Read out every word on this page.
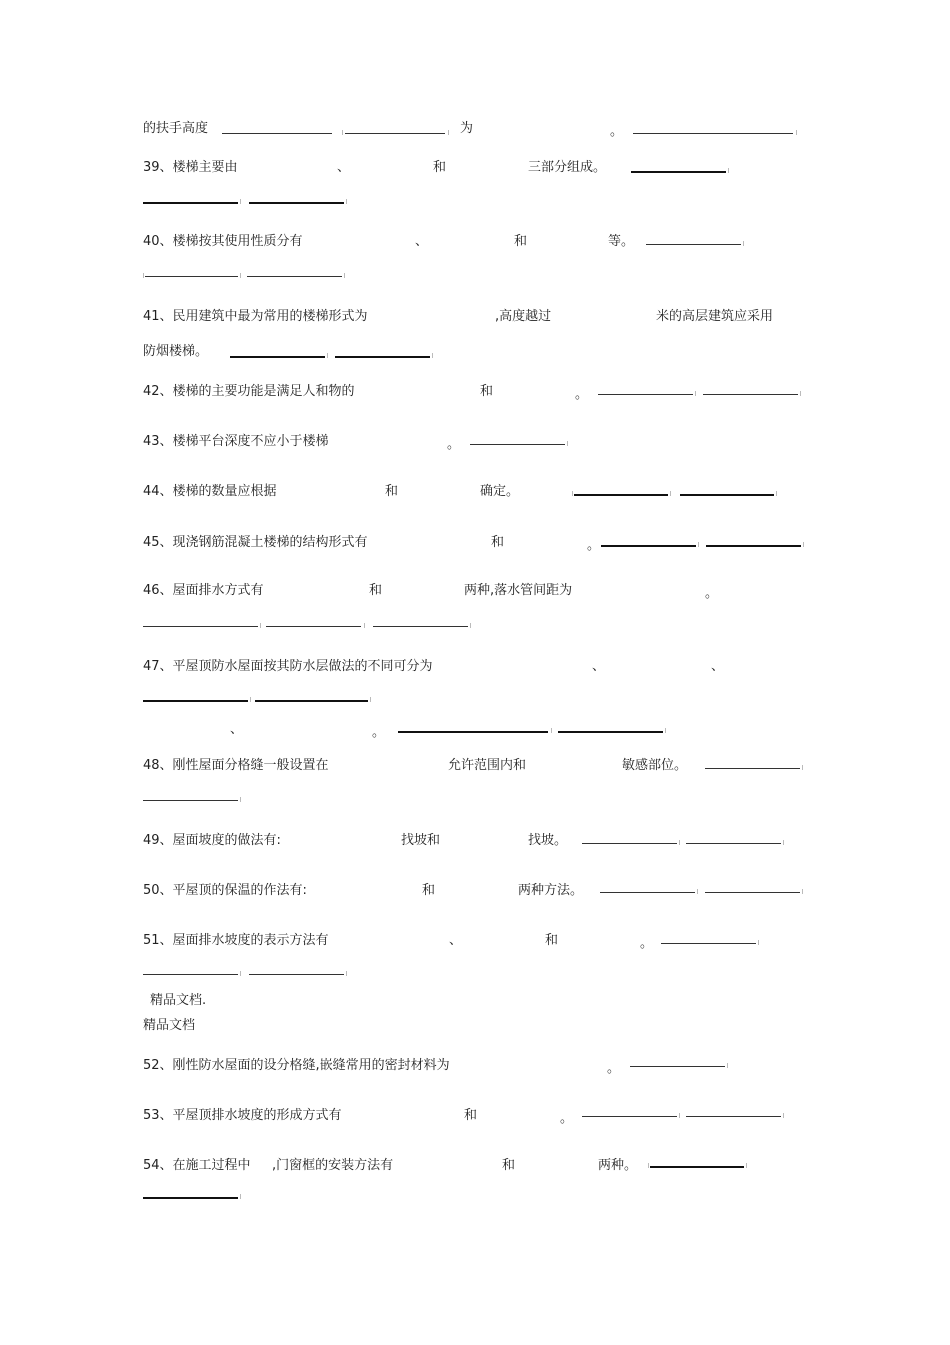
的扶手高度	为	。
39、楼梯主要由	、	和	三部分组成。
40、楼梯按其使用性质分有	、	和	等。
41、民用建筑中最为常用的楼梯形式为	,高度越过	米的高层建筑应采用
防烟楼梯。
42、楼梯的主要功能是满足人和物的	和	。
43、楼梯平台深度不应小于楼梯	。
44、楼梯的数量应根据	和	确定。
45、现浇钢筋混凝土楼梯的结构形式有	和	。
46、屋面排水方式有	和	两种,落水管间距为	。
47、平屋顶防水屋面按其防水层做法的不同可分为	、	、
、	。
48、刚性屋面分格缝一般设置在	允许范围内和	敏感部位。
49、屋面坡度的做法有:	找坡和	找坡。
50、平屋顶的保温的作法有:	和	两种方法。
51、屋面排水坡度的表示方法有	、	和	。
精品文档.
精品文档
52、刚性防水屋面的设分格缝,嵌缝常用的密封材料为	。
53、平屋顶排水坡度的形成方式有	和	。
54、在施工过程中 ,门窗框的安装方法有	和	两种。
